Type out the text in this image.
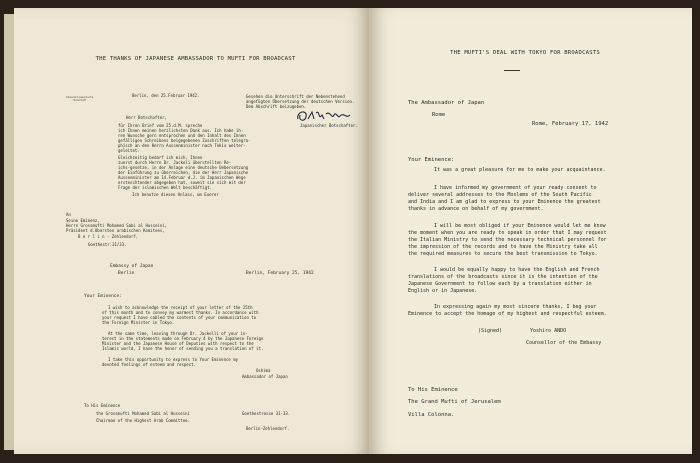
THE THANKS OF JAPANESE AMBASSADOR TO MUFTI FOR BROADCAST
Kaiserlich Japanische
Botschaft
Berlin, den 25.Februar 1942.	Gesehen die Unterschrift der Nebenstehend
angefügten Übersetzung der deutschen Version.
Dem Abschrift beizugeben.
Japanischer Botschafter.
Herr Botschafter,
für Ihren Brief vom 25.d.M. spreche
ich Ihnen meinen herzlichsten Dank aus. Ich habe ih-
ren Wunsche gern entsprochen und den Inhalt des Ihnen
gefälligen Schreibens beigegebenen Zuschriften telegra-
phisch an den Herrn Aussenminister nach Tokio weiter-
geleitet.
Gleichzeitig bedarf ich mich, Ihnen
zuerst durch Herrn Dr. Jackeli überstellten Re-
ichs-gesetze, in der Anlage eine deutsche Uebersetzung
der Einführung zu überreichen, die der Herr Japanische
Aussenminister am 14.Februar d.J. im Japanischen Wege
ersteschtender abgegeben hat, soweit sie sich mit der
Frage der islamischen Welt beschäftigt.
Ich benutze diesen Anlass, um Euerer
An
Seine Eminenz,
Herrn Grossmufti Mohamed Sabi al Husseini,
Präsident d.Obersten arabischen Komitees,
B e r l i n - Zehlendorf,
Goethestr.31/33.
Embassy of Japan
Berlin	Berlin, February 25, 1942
Your Eminence:
I wish to acknowledge the receipt of your letter of the 25th
of this month and to convey my warmest thanks. In accordance with
your request I have cabled the contents of your communication to
the Foreign Minister in Tokyo.
At the same time, leaving through Dr. Jackelli of your in-
terest in the statements made on February 4 by the Japanese Foreign
Minister and the Japanese House of Deputies with respect to the
Islamic world, I have the honor of sending you a translation of it.
I take this opportunity to express to Your Eminence my
devoted feelings of esteem and respect.
Oshima
Ambassador of Japan
To His Eminence
the Grossmufti Mohamed Sabi al Husseini
Chairman of the Highest Arab Committee.
Berlin-Zehlendorf.
Goethestrasse 31-33.
THE MUFTI'S DEAL WITH TOKYO FOR BROADCASTS
The Ambassador of Japan
Rome
Rome, February 17, 1942
Your Eminence:
It was a great pleasure for me to make your acquaintance.
I have informed my government of your ready consent to
deliver several addresses to the Moslems of the South Pacific
and India and I am glad to express to your Eminence the greatest
thanks in advance on behalf of my government.
I will be most obliged if your Eminence would let me know
the moment when you are ready to speak in order that I may request
the Italian Ministry to send the necessary technical personnel for
the impression of the records and to have the Ministry take all
the required measures to secure the best transmission to Tokyo.
I would be equally happy to have the English and French
translations of the broadcasts since it is the intention of the
Japanese Government to follow each by a translation either in
English or in Japanese.
In expressing again my most sincere thanks, I beg your
Eminence to accept the homage of my highest and respectful esteem.
(Signed)	Yoshiro ANDO
Counsellor of the Embassy
To His Eminence
The Grand Mufti of Jerusalem
Villa Colonna.
